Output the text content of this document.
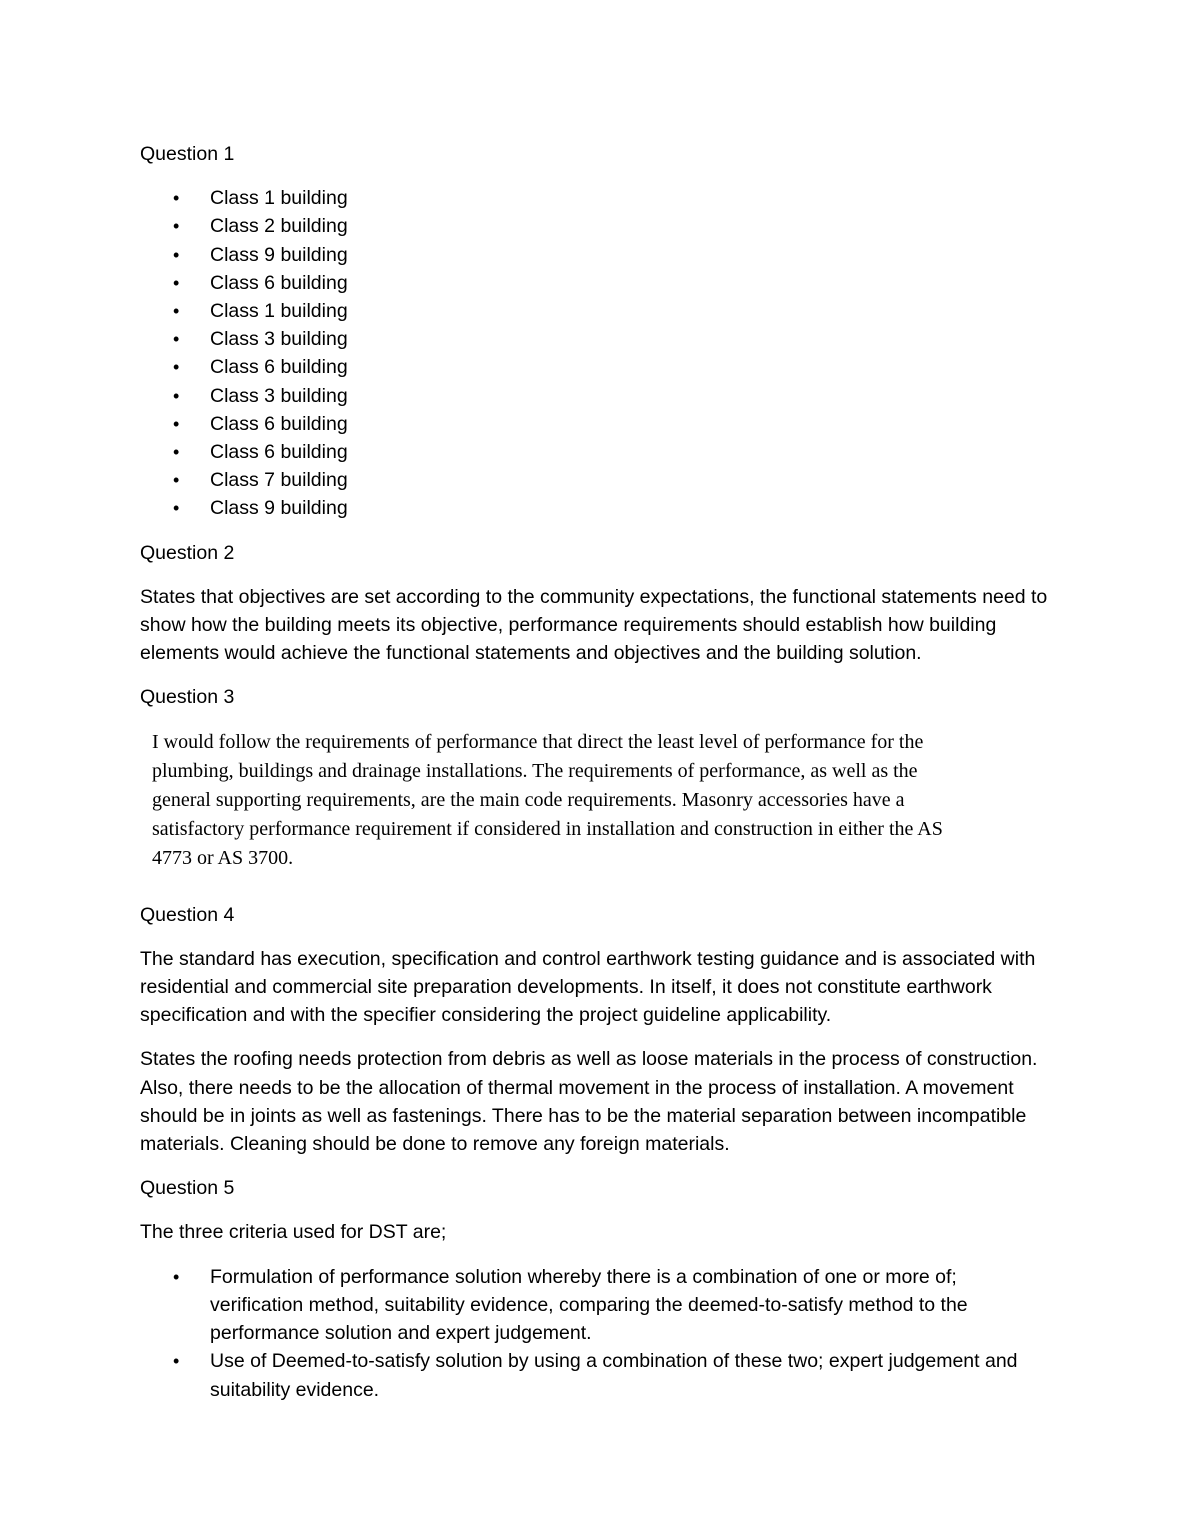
Question 1
• Class 1 building
• Class 2 building
• Class 9 building
• Class 6 building
• Class 1 building
• Class 3 building
• Class 6 building
• Class 3 building
• Class 6 building
• Class 6 building
• Class 7 building
• Class 9 building
Question 2

States that objectives are set according to the community expectations, the functional statements need to show how the building meets its objective, performance requirements should establish how building elements would achieve the functional statements and objectives and the building solution.

Question 3

I would follow the requirements of performance that direct the least level of performance for the plumbing, buildings and drainage installations. The requirements of performance, as well as the general supporting requirements, are the main code requirements. Masonry accessories have a satisfactory performance requirement if considered in installation and construction in either the AS 4773 or AS 3700.

Question 4

The standard has execution, specification and control earthwork testing guidance and is associated with residential and commercial site preparation developments. In itself, it does not constitute earthwork specification and with the specifier considering the project guideline applicability.

States the roofing needs protection from debris as well as loose materials in the process of construction. Also, there needs to be the allocation of thermal movement in the process of installation. A movement should be in joints as well as fastenings. There has to be the material separation between incompatible materials. Cleaning should be done to remove any foreign materials.

Question 5

The three criteria used for DST are;

• Formulation of performance solution whereby there is a combination of one or more of; verification method, suitability evidence, comparing the deemed-to-satisfy method to the performance solution and expert judgement.
• Use of Deemed-to-satisfy solution by using a combination of these two; expert judgement and suitability evidence.
